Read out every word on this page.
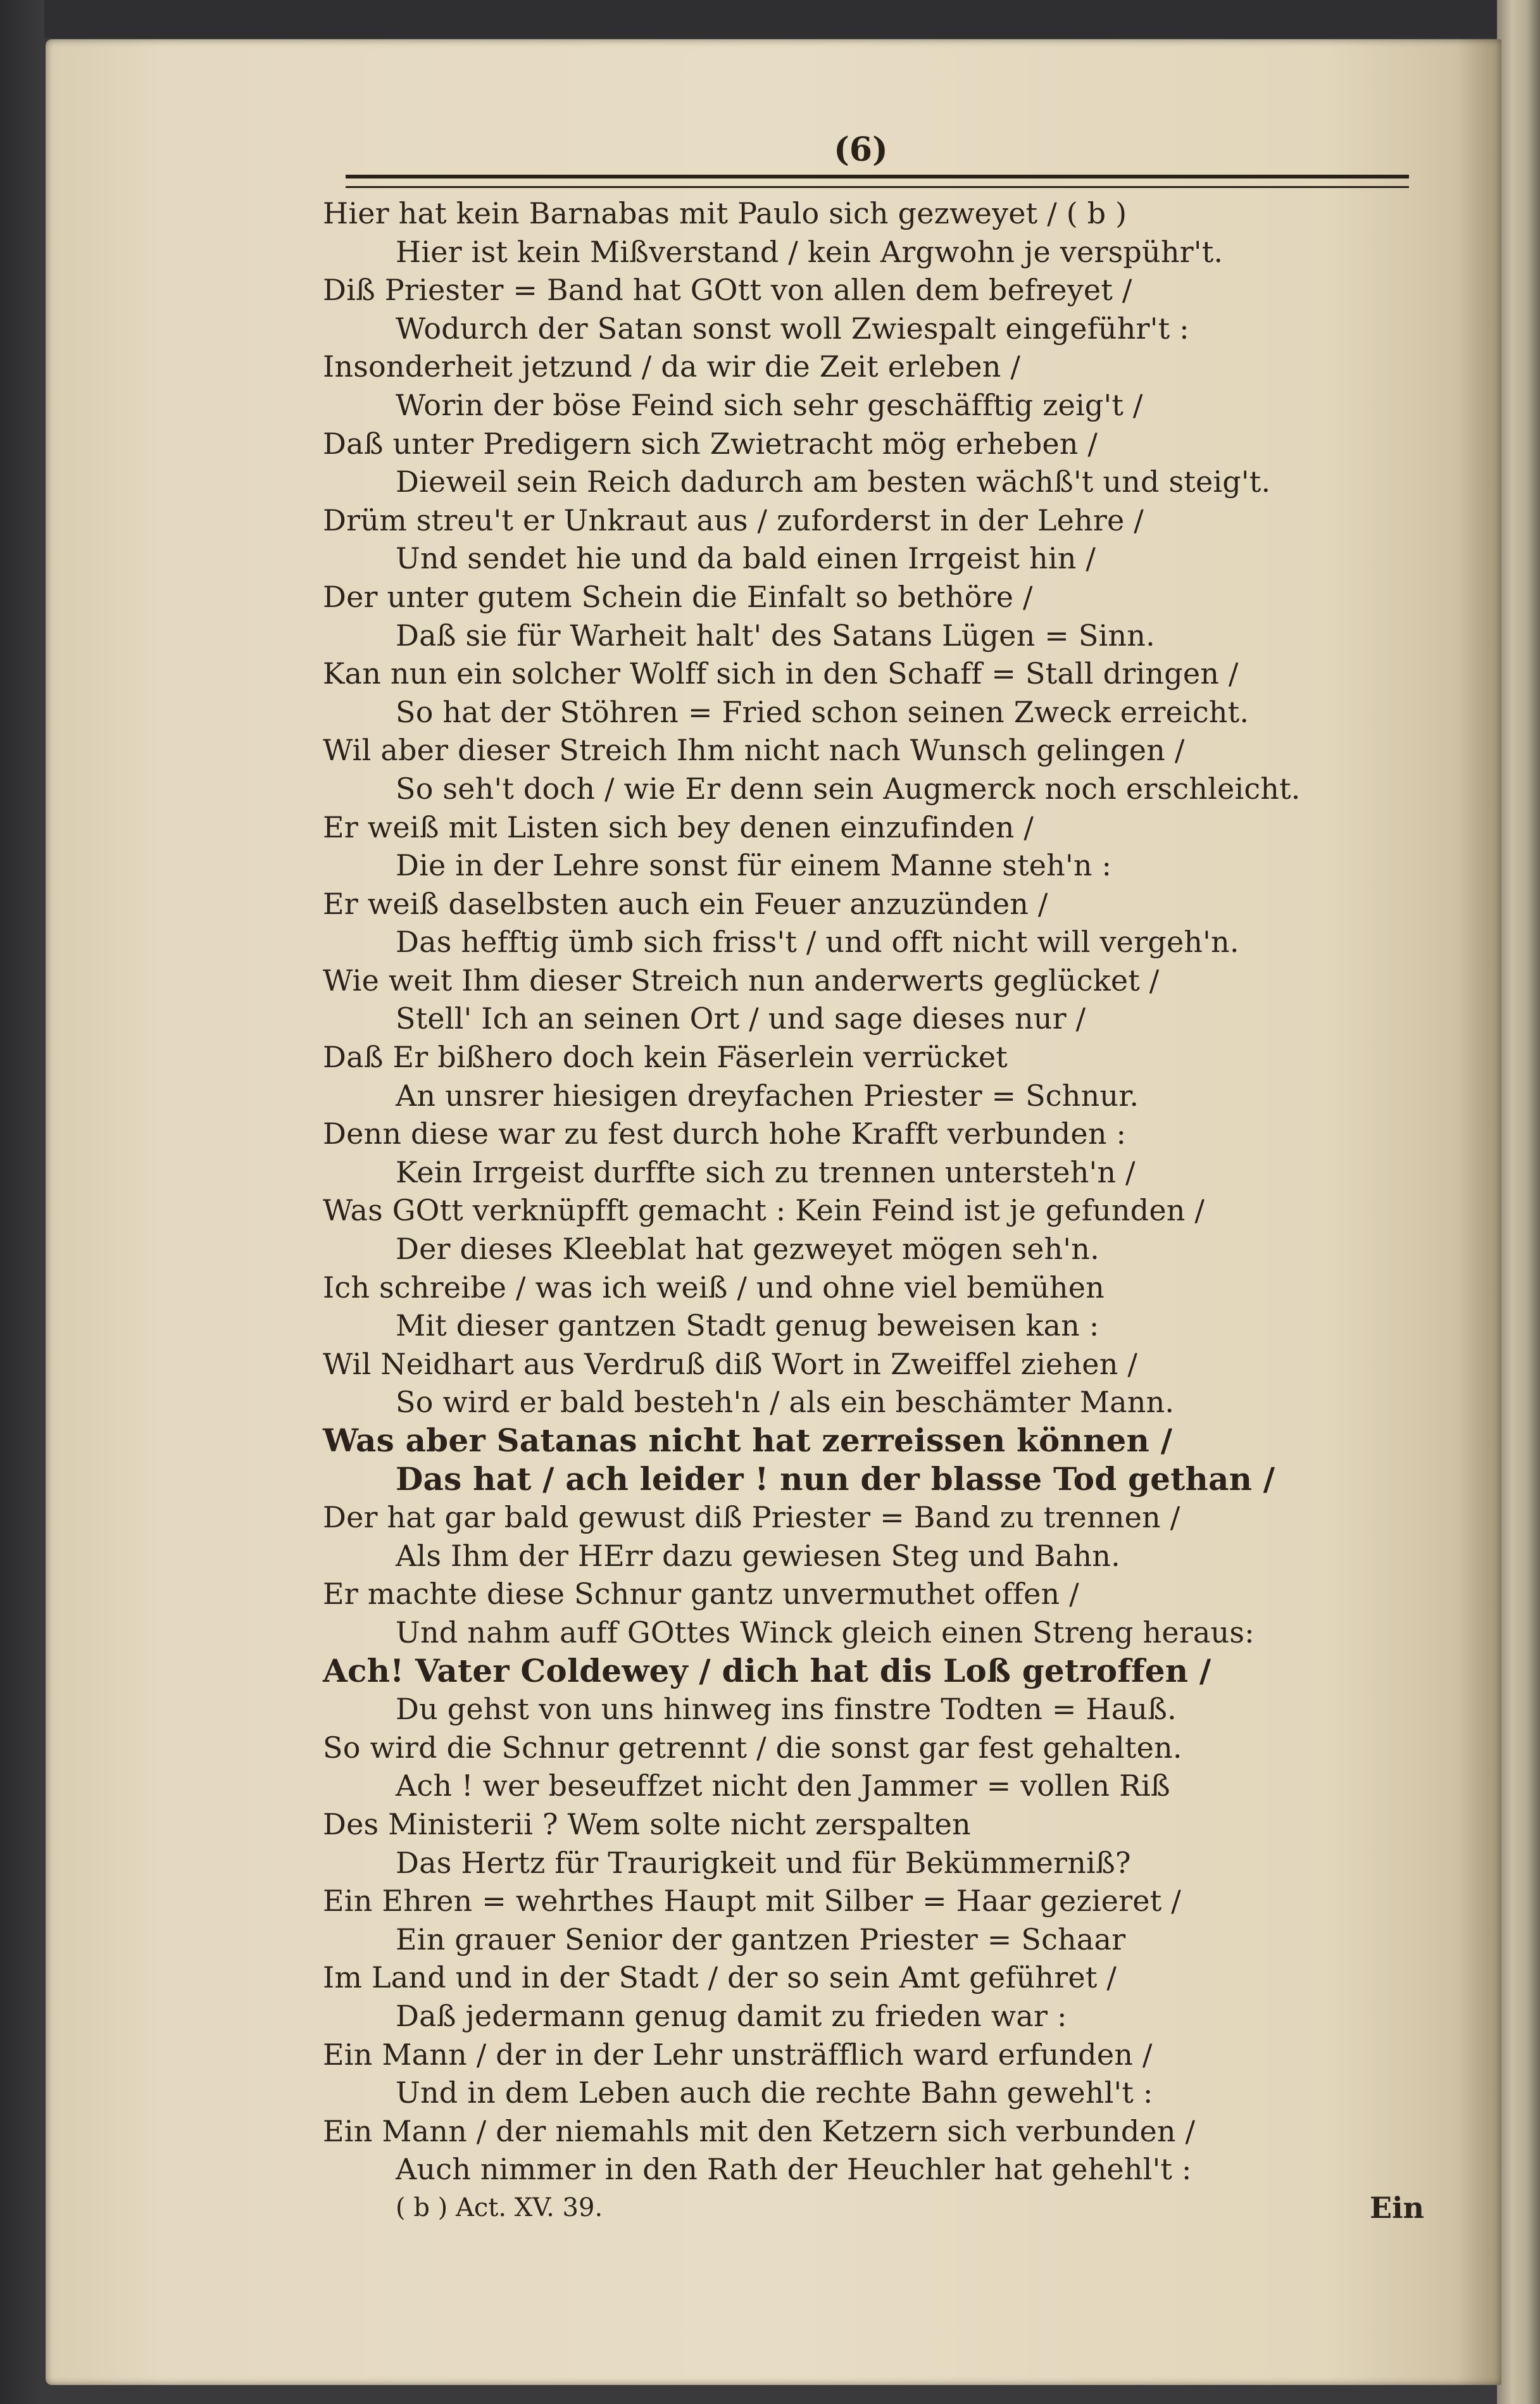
(6)
Hier hat kein Barnabas mit Paulo sich gezweyet / ( b )
Hier ist kein Mißverstand / kein Argwohn je verspühr't.
Diß Priester = Band hat GOtt von allen dem befreyet /
Wodurch der Satan sonst woll Zwiespalt eingeführ't :
Insonderheit jetzund / da wir die Zeit erleben /
Worin der böse Feind sich sehr geschäfftig zeig't /
Daß unter Predigern sich Zwietracht mög erheben /
Dieweil sein Reich dadurch am besten wächß't und steig't.
Drüm streu't er Unkraut aus / zuforderst in der Lehre /
Und sendet hie und da bald einen Irrgeist hin /
Der unter gutem Schein die Einfalt so bethöre /
Daß sie für Warheit halt' des Satans Lügen = Sinn.
Kan nun ein solcher Wolff sich in den Schaff = Stall dringen /
So hat der Stöhren = Fried schon seinen Zweck erreicht.
Wil aber dieser Streich Ihm nicht nach Wunsch gelingen /
So seh't doch / wie Er denn sein Augmerck noch erschleicht.
Er weiß mit Listen sich bey denen einzufinden /
Die in der Lehre sonst für einem Manne steh'n :
Er weiß daselbsten auch ein Feuer anzuzünden /
Das hefftig ümb sich friss't / und offt nicht will vergeh'n.
Wie weit Ihm dieser Streich nun anderwerts geglücket /
Stell' Ich an seinen Ort / und sage dieses nur /
Daß Er bißhero doch kein Fäserlein verrücket
An unsrer hiesigen dreyfachen Priester = Schnur.
Denn diese war zu fest durch hohe Krafft verbunden :
Kein Irrgeist durffte sich zu trennen untersteh'n /
Was GOtt verknüpfft gemacht : Kein Feind ist je gefunden /
Der dieses Kleeblat hat gezweyet mögen seh'n.
Ich schreibe / was ich weiß / und ohne viel bemühen
Mit dieser gantzen Stadt genug beweisen kan :
Wil Neidhart aus Verdruß diß Wort in Zweiffel ziehen /
So wird er bald besteh'n / als ein beschämter Mann.
Was aber Satanas nicht hat zerreissen können /
Das hat / ach leider ! nun der blasse Tod gethan /
Der hat gar bald gewust diß Priester = Band zu trennen /
Als Ihm der HErr dazu gewiesen Steg und Bahn.
Er machte diese Schnur gantz unvermuthet offen /
Und nahm auff GOttes Winck gleich einen Streng heraus:
Ach! Vater Coldewey / dich hat dis Loß getroffen /
Du gehst von uns hinweg ins finstre Todten = Hauß.
So wird die Schnur getrennt / die sonst gar fest gehalten.
Ach ! wer beseuffzet nicht den Jammer = vollen Riß
Des Ministerii ? Wem solte nicht zerspalten
Das Hertz für Traurigkeit und für Bekümmerniß?
Ein Ehren = wehrthes Haupt mit Silber = Haar gezieret /
Ein grauer Senior der gantzen Priester = Schaar
Im Land und in der Stadt / der so sein Amt geführet /
Daß jedermann genug damit zu frieden war :
Ein Mann / der in der Lehr unsträfflich ward erfunden /
Und in dem Leben auch die rechte Bahn gewehl't :
Ein Mann / der niemahls mit den Ketzern sich verbunden /
Auch nimmer in den Rath der Heuchler hat gehehl't :
( b ) Act. XV. 39.	Ein
